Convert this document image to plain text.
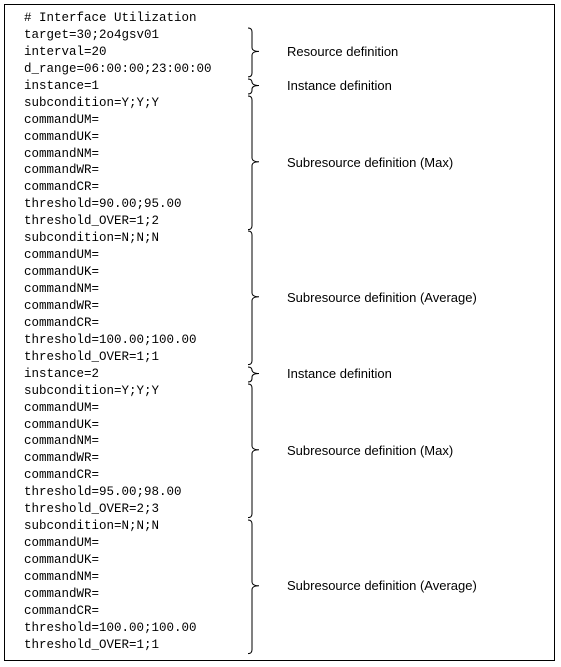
# Interface Utilization
target=30;2o4gsv01
interval=20
d_range=06:00:00;23:00:00
instance=1
subcondition=Y;Y;Y
commandUM=
commandUK=
commandNM=
commandWR=
commandCR=
threshold=90.00;95.00
threshold_OVER=1;2
subcondition=N;N;N
commandUM=
commandUK=
commandNM=
commandWR=
commandCR=
threshold=100.00;100.00
threshold_OVER=1;1
instance=2
subcondition=Y;Y;Y
commandUM=
commandUK=
commandNM=
commandWR=
commandCR=
threshold=95.00;98.00
threshold_OVER=2;3
subcondition=N;N;N
commandUM=
commandUK=
commandNM=
commandWR=
commandCR=
threshold=100.00;100.00
threshold_OVER=1;1
Resource definition
Instance definition
Subresource definition (Max)
Subresource definition (Average)
Instance definition
Subresource definition (Max)
Subresource definition (Average)
